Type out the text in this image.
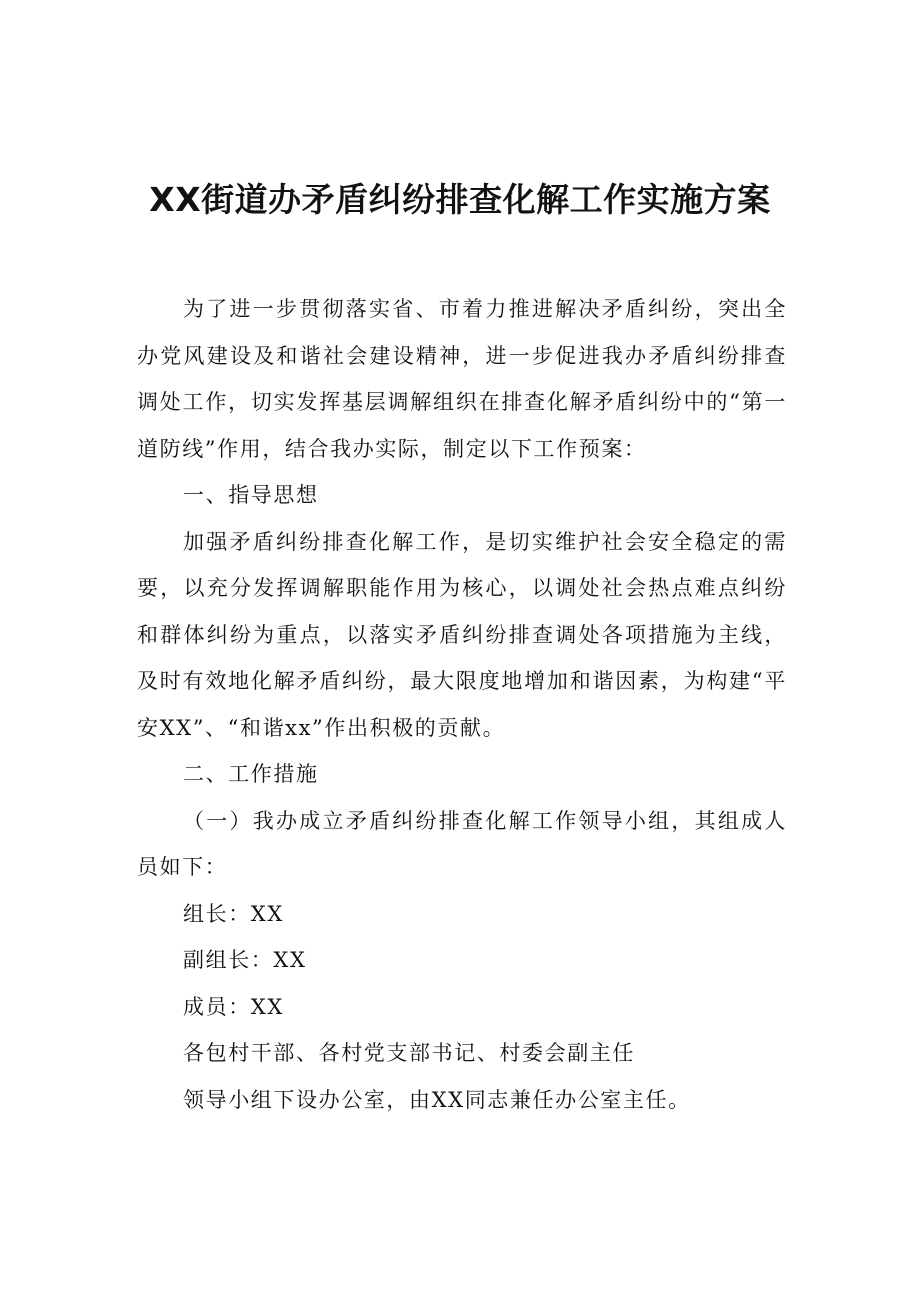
XX街道办矛盾纠纷排查化解工作实施方案

为了进一步贯彻落实省、市着力推进解决矛盾纠纷，突出全办党风建设及和谐社会建设精神，进一步促进我办矛盾纠纷排查调处工作，切实发挥基层调解组织在排查化解矛盾纠纷中的“第一道防线”作用，结合我办实际，制定以下工作预案：

一、指导思想

加强矛盾纠纷排查化解工作，是切实维护社会安全稳定的需要，以充分发挥调解职能作用为核心，以调处社会热点难点纠纷和群体纠纷为重点，以落实矛盾纠纷排查调处各项措施为主线，及时有效地化解矛盾纠纷，最大限度地增加和谐因素，为构建“平安XX”、“和谐xx”作出积极的贡献。

二、工作措施

（一）我办成立矛盾纠纷排查化解工作领导小组，其组成人员如下：

组长：XX

副组长：XX

成员：XX

各包村干部、各村党支部书记、村委会副主任

领导小组下设办公室，由XX同志兼任办公室主任。
